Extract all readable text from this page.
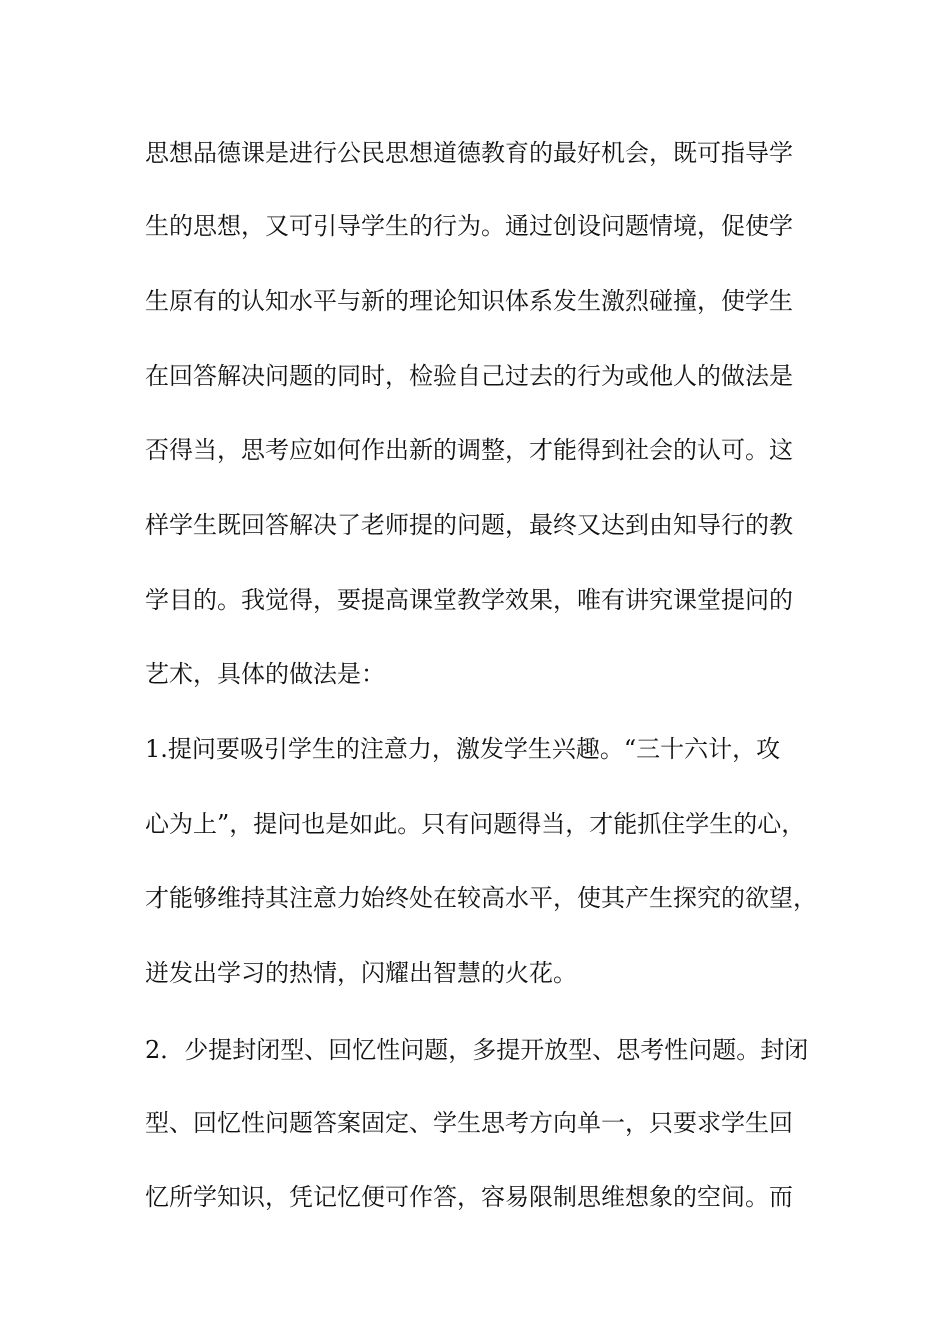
思想品德课是进行公民思想道德教育的最好机会，既可指导学
生的思想，又可引导学生的行为。通过创设问题情境，促使学
生原有的认知水平与新的理论知识体系发生激烈碰撞，使学生
在回答解决问题的同时，检验自己过去的行为或他人的做法是
否得当，思考应如何作出新的调整，才能得到社会的认可。这
样学生既回答解决了老师提的问题，最终又达到由知导行的教
学目的。我觉得，要提高课堂教学效果，唯有讲究课堂提问的
艺术，具体的做法是：
1.提问要吸引学生的注意力，激发学生兴趣。“三十六计，攻
心为上”，提问也是如此。只有问题得当，才能抓住学生的心，
才能够维持其注意力始终处在较高水平，使其产生探究的欲望，
迸发出学习的热情，闪耀出智慧的火花。
2．少提封闭型、回忆性问题，多提开放型、思考性问题。封闭
型、回忆性问题答案固定、学生思考方向单一，只要求学生回
忆所学知识，凭记忆便可作答，容易限制思维想象的空间。而
